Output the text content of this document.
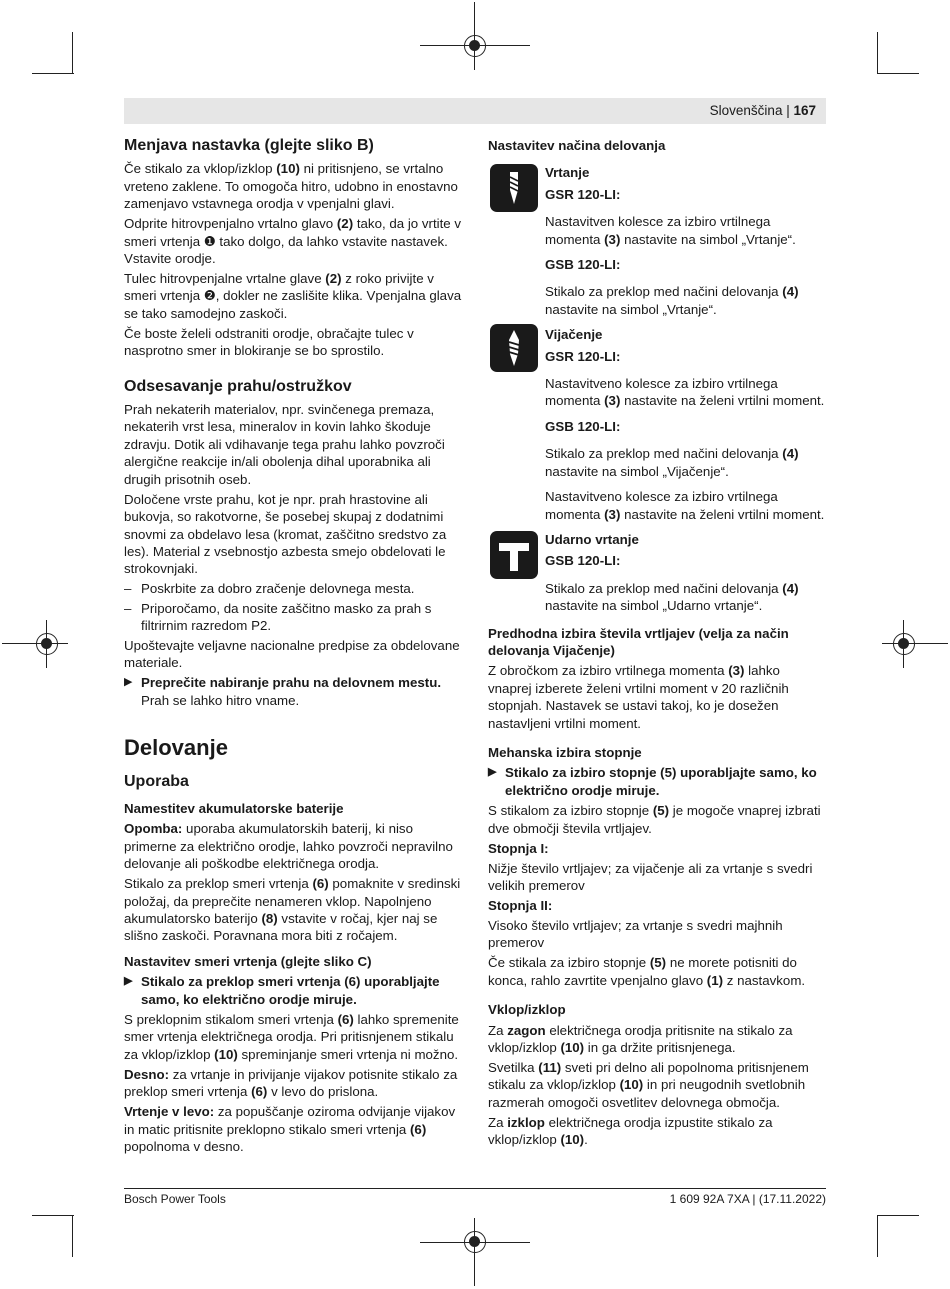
Slovenščina | 167
Menjava nastavka (glejte sliko B)

Če stikalo za vklop/izklop (10) ni pritisnjeno, se vrtalno vreteno zaklene. To omogoča hitro, udobno in enostavno zamenjavo vstavnega orodja v vpenjalni glavi.

Odprite hitrovpenjalno vrtalno glavo (2) tako, da jo vrtite v smeri vrtenja ❶ tako dolgo, da lahko vstavite nastavek. Vstavite orodje.

Tulec hitrovpenjalne vrtalne glave (2) z roko privijte v smeri vrtenja ❷, dokler ne zaslišite klika. Vpenjalna glava se tako samodejno zaskoči.

Če boste želeli odstraniti orodje, obračajte tulec v nasprotno smer in blokiranje se bo sprostilo.

Odsesavanje prahu/ostružkov

Prah nekaterih materialov, npr. svinčenega premaza, nekaterih vrst lesa, mineralov in kovin lahko škoduje zdravju. Dotik ali vdihavanje tega prahu lahko povzroči alergične reakcije in/ali obolenja dihal uporabnika ali drugih prisotnih oseb.

Določene vrste prahu, kot je npr. prah hrastovine ali bukovja, so rakotvorne, še posebej skupaj z dodatnimi snovmi za obdelavo lesa (kromat, zaščitno sredstvo za les). Material z vsebnostjo azbesta smejo obdelovati le strokovnjaki.

– Poskrbite za dobro zračenje delovnega mesta.
– Priporočamo, da nosite zaščitno masko za prah s filtrirnim razredom P2.

Upoštevajte veljavne nacionalne predpise za obdelovane materiale.

▶ Preprečite nabiranje prahu na delovnem mestu. Prah se lahko hitro vname.
Delovanje
Uporaba
Namestitev akumulatorske baterije

Opomba: uporaba akumulatorskih baterij, ki niso primerne za električno orodje, lahko povzroči nepravilno delovanje ali poškodbe električnega orodja.

Stikalo za preklop smeri vrtenja (6) pomaknite v sredinski položaj, da preprečite nenameren vklop. Napolnjeno akumulatorsko baterijo (8) vstavite v ročaj, kjer naj se slišno zaskoči. Poravnana mora biti z ročajem.

Nastavitev smeri vrtenja (glejte sliko C)
▶ Stikalo za preklop smeri vrtenja (6) uporabljajte samo, ko električno orodje miruje.

S preklopnim stikalom smeri vrtenja (6) lahko spremenite smer vrtenja električnega orodja. Pri pritisnjenem stikalu za vklop/izklop (10) spreminjanje smeri vrtenja ni možno.

Desno: za vrtanje in privijanje vijakov potisnite stikalo za preklop smeri vrtenja (6) v levo do prislona.

Vrtenje v levo: za popuščanje oziroma odvijanje vijakov in matic pritisnite preklopno stikalo smeri vrtenja (6) popolnoma v desno.

Nastavitev načina delovanja
Vrtanje
GSR 120-LI:

Nastavitven kolesce za izbiro vrtilnega momenta (3) nastavite na simbol „Vrtanje“.

GSB 120-LI:

Stikalo za preklop med načini delovanja (4) nastavite na simbol „Vrtanje“.

Vijačenje
GSR 120-LI:

Nastavitveno kolesce za izbiro vrtilnega momenta (3) nastavite na želeni vrtilni moment.

GSB 120-LI:

Stikalo za preklop med načini delovanja (4) nastavite na simbol „Vijačenje“.

Nastavitveno kolesce za izbiro vrtilnega momenta (3) nastavite na želeni vrtilni moment.

Udarno vrtanje
GSB 120-LI:

Stikalo za preklop med načini delovanja (4) nastavite na simbol „Udarno vrtanje“.

Predhodna izbira števila vrtljajev (velja za način delovanja Vijačenje)

Z obročkom za izbiro vrtilnega momenta (3) lahko vnaprej izberete želeni vrtilni moment v 20 različnih stopnjah. Nastavek se ustavi takoj, ko je dosežen nastavljeni vrtilni moment.

Mehanska izbira stopnje
▶ Stikalo za izbiro stopnje (5) uporabljajte samo, ko električno orodje miruje.

S stikalom za izbiro stopnje (5) je mogoče vnaprej izbrati dve območji števila vrtljajev.

Stopnja I:

Nižje število vrtljajev; za vijačenje ali za vrtanje s svedri velikih premerov

Stopnja II:

Visoko število vrtljajev; za vrtanje s svedri majhnih premerov

Če stikala za izbiro stopnje (5) ne morete potisniti do konca, rahlo zavrtite vpenjalno glavo (1) z nastavkom.

Vklop/izklop

Za zagon električnega orodja pritisnite na stikalo za vklop/izklop (10) in ga držite pritisnjenega.

Svetilka (11) sveti pri delno ali popolnoma pritisnjenem stikalu za vklop/izklop (10) in pri neugodnih svetlobnih razmerah omogoči osvetlitev delovnega območja.

Za izklop električnega orodja izpustite stikalo za vklop/izklop (10).

Bosch Power Tools	1 609 92A 7XA | (17.11.2022)
